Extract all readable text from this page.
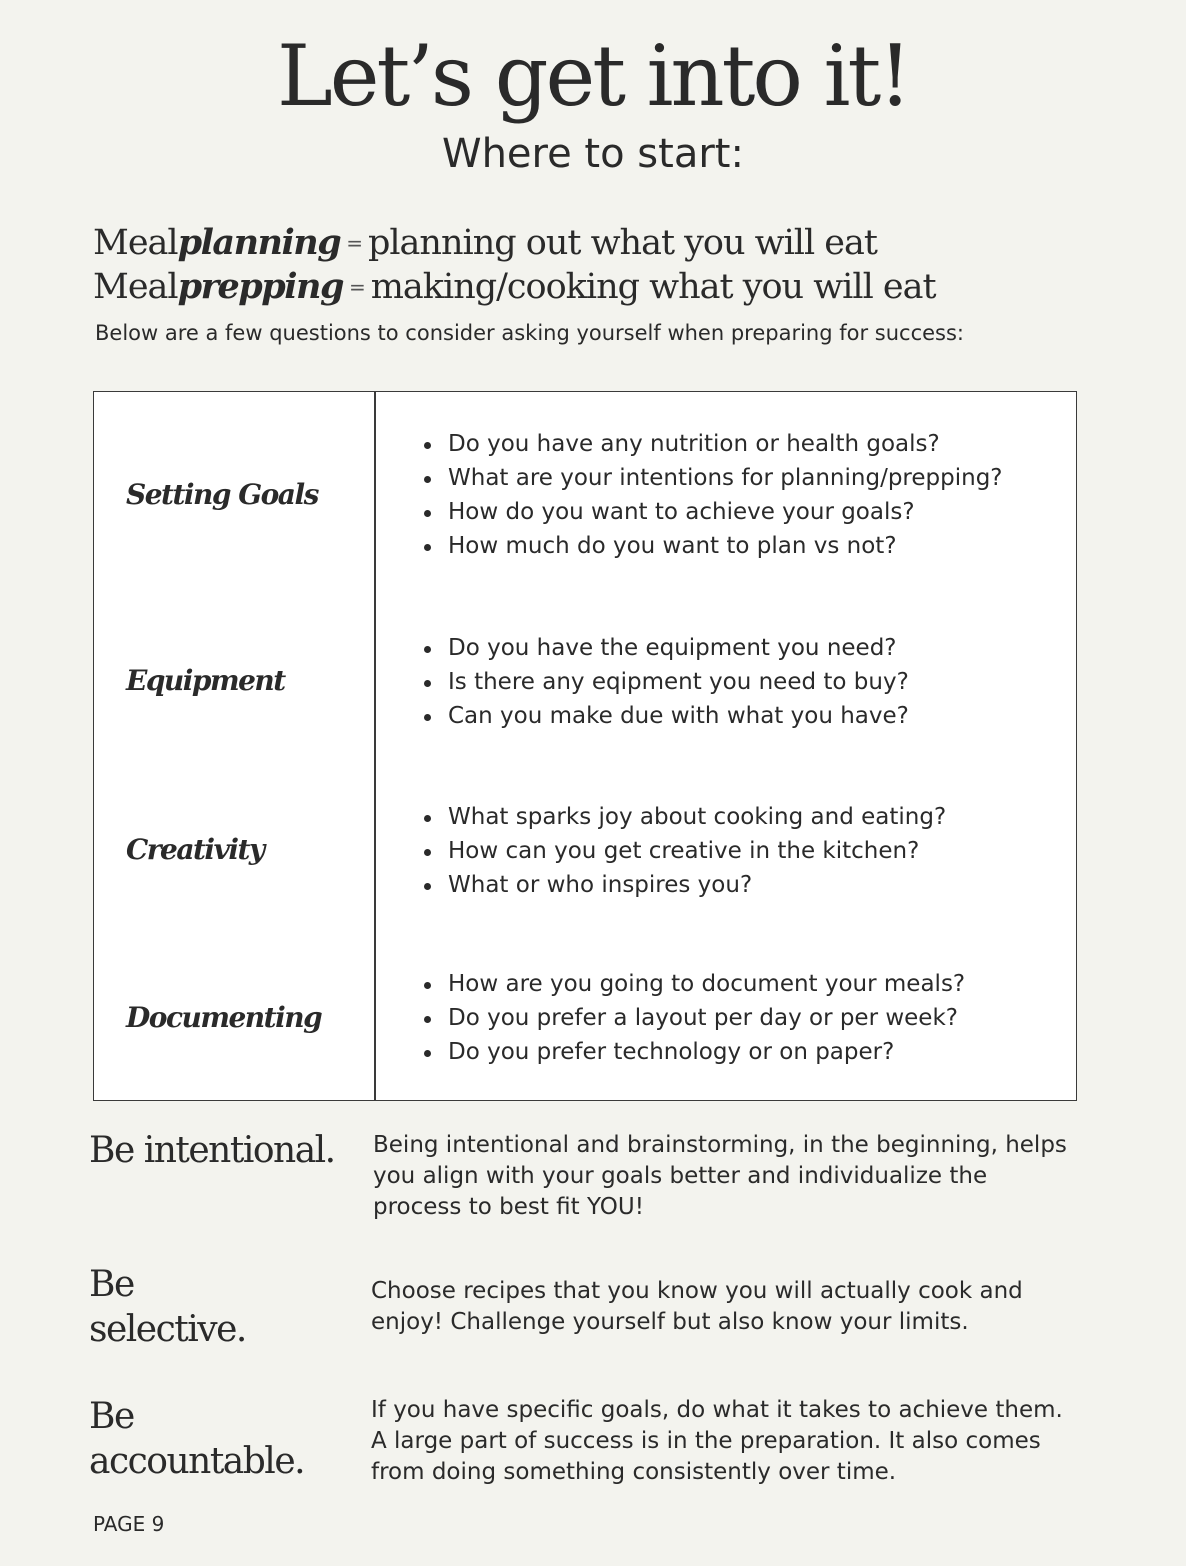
Let’s get into it!
Where to start:
Mealplanning = planning out what you will eat
Mealprepping = making/cooking what you will eat
Below are a few questions to consider asking yourself when preparing for success:
Setting Goals
Do you have any nutrition or health goals?
What are your intentions for planning/prepping?
How do you want to achieve your goals?
How much do you want to plan vs not?
Equipment
Do you have the equipment you need?
Is there any eqipment you need to buy?
Can you make due with what you have?
Creativity
What sparks joy about cooking and eating?
How can you get creative in the kitchen?
What or who inspires you?
Documenting
How are you going to document your meals?
Do you prefer a layout per day or per week?
Do you prefer technology or on paper?
Be intentional. Being intentional and brainstorming, in the beginning, helps you align with your goals better and individualize the process to best fit YOU!
Be
selective.
Choose recipes that you know you will actually cook and enjoy! Challenge yourself but also know your limits.
Be
accountable.
If you have specific goals, do what it takes to achieve them. A large part of success is in the preparation. It also comes from doing something consistently over time.
PAGE 9
